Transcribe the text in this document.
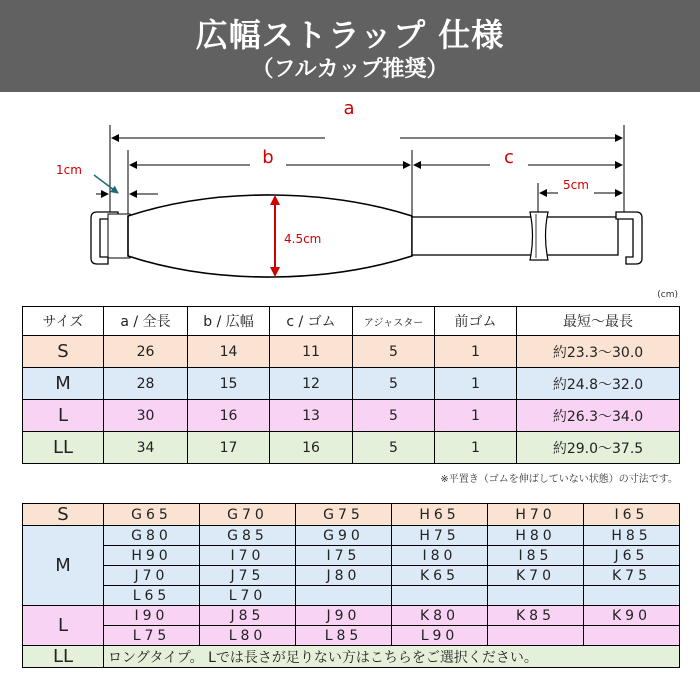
広幅ストラップ 仕様
（フルカップ推奨）
a
b	c
1cm
5cm
4.5cm
(cm)
サイズ	a / 全長	b / 広幅	c / ゴム	アジャスター	前ゴム	最短〜最長
S	26	14	11	5	1	約23.3〜30.0
M	28	15	12	5	1	約24.8〜32.0
L	30	16	13	5	1	約26.3〜34.0
LL	34	17	16	5	1	約29.0〜37.5
※平置き（ゴムを伸ばしていない状態）の寸法です。
S	G65	G70	G75	H65	H70	I65
M	G80	G85	G90	H75	H80	H85
	H90	I70	I75	I80	I85	J65
	J70	J75	J80	K65	K70	K75
	L65	L70				
L	I90	J85	J90	K80	K85	K90
	L75	L80	L85	L90		
LL	ロングタイプ。 Lでは長さが足りない方はこちらをご選択ください。					
